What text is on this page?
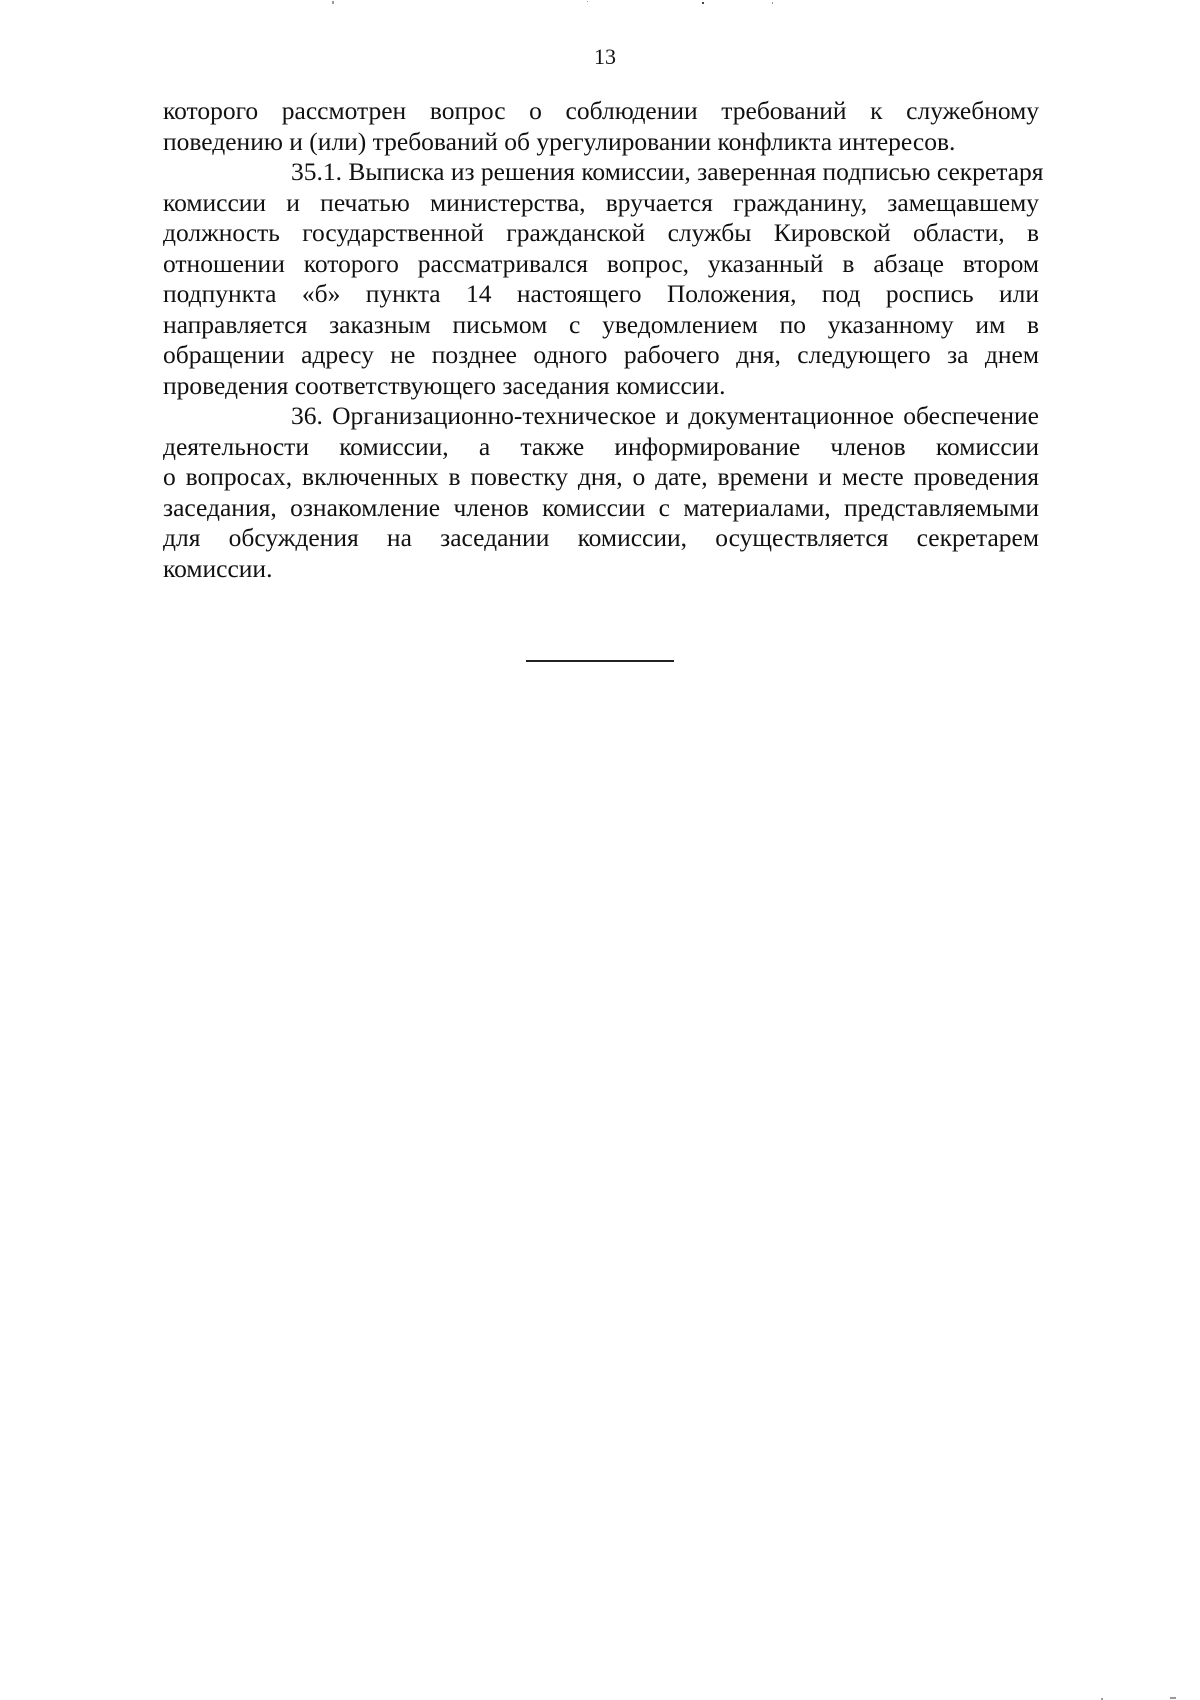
13
которого рассмотрен вопрос о соблюдении требований к служебному
поведению и (или) требований об урегулировании конфликта интересов.
35.1. Выписка из решения комиссии, заверенная подписью секретаря
комиссии и печатью министерства, вручается гражданину, замещавшему
должность государственной гражданской службы Кировской области, в
отношении которого рассматривался вопрос, указанный в абзаце втором
подпункта «б» пункта 14 настоящего Положения, под роспись или
направляется заказным письмом с уведомлением по указанному им в
обращении адресу не позднее одного рабочего дня, следующего за днем
проведения соответствующего заседания комиссии.
36. Организационно-техническое и документационное обеспечение
деятельности комиссии, а также информирование членов комиссии
о вопросах, включенных в повестку дня, о дате, времени и месте проведения
заседания, ознакомление членов комиссии с материалами, представляемыми
для обсуждения на заседании комиссии, осуществляется секретарем
комиссии.
